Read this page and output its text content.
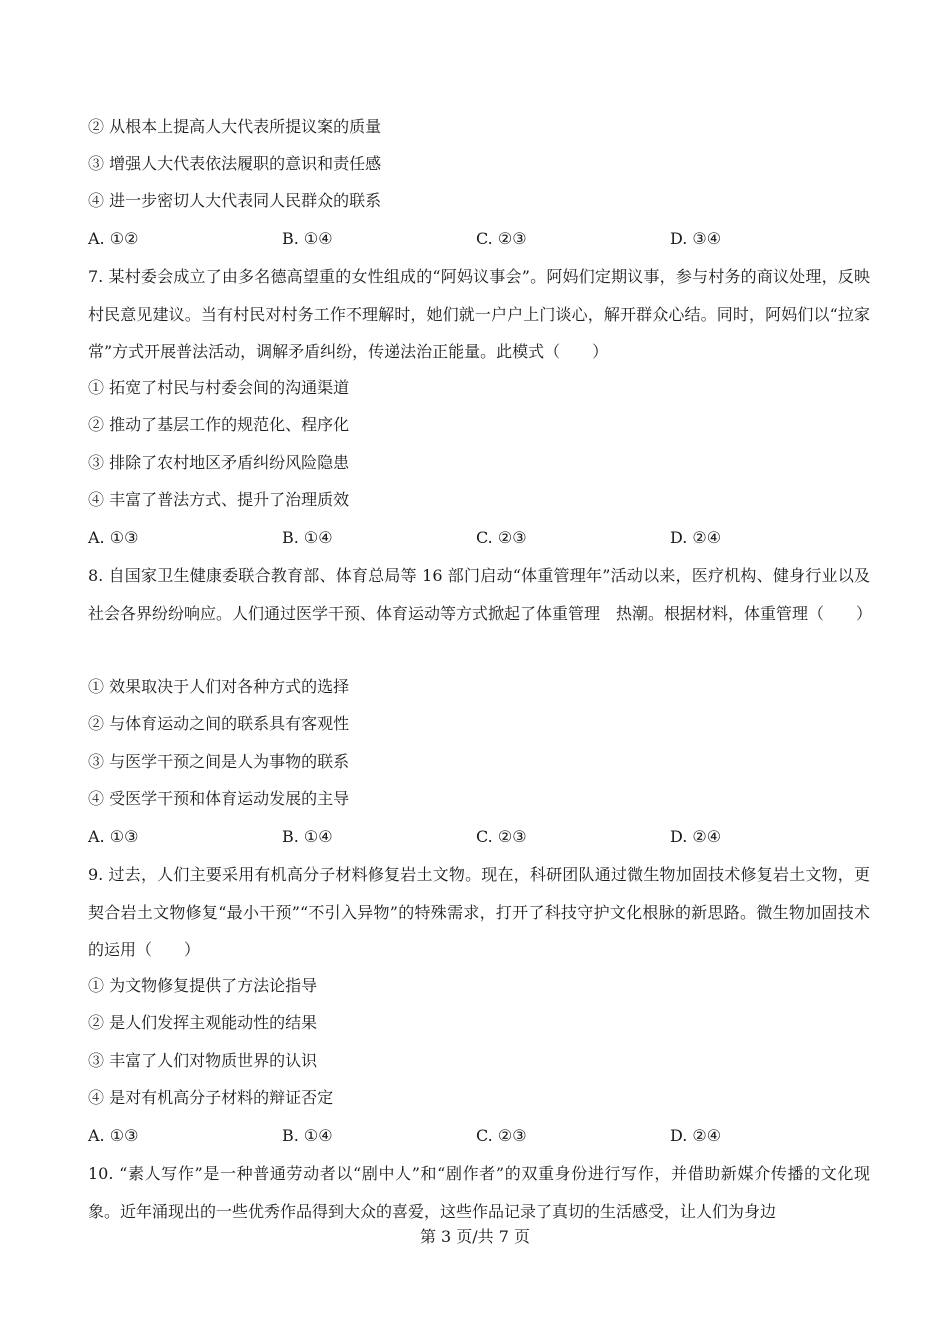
② 从根本上提高人大代表所提议案的质量
③ 增强人大代表依法履职的意识和责任感
④ 进一步密切人大代表同人民群众的联系
A. ①②	B. ①④	C. ②③	D. ③④
7. 某村委会成立了由多名德高望重的女性组成的“阿妈议事会”。阿妈们定期议事，参与村务的商议处理，反映村民意见建议。当有村民对村务工作不理解时，她们就一户户上门谈心，解开群众心结。同时，阿妈们以“拉家常”方式开展普法活动，调解矛盾纠纷，传递法治正能量。此模式（　　）
① 拓宽了村民与村委会间的沟通渠道
② 推动了基层工作的规范化、程序化
③ 排除了农村地区矛盾纠纷风险隐患
④ 丰富了普法方式、提升了治理质效
A. ①③	B. ①④	C. ②③	D. ②④
8. 自国家卫生健康委联合教育部、体育总局等 16 部门启动“体重管理年”活动以来，医疗机构、健身行业以及社会各界纷纷响应。人们通过医学干预、体育运动等方式掀起了体重管理　热潮。根据材料，体重管理（　　）
① 效果取决于人们对各种方式的选择
② 与体育运动之间的联系具有客观性
③ 与医学干预之间是人为事物的联系
④ 受医学干预和体育运动发展的主导
A. ①③	B. ①④	C. ②③	D. ②④
9. 过去，人们主要采用有机高分子材料修复岩土文物。现在，科研团队通过微生物加固技术修复岩土文物，更契合岩土文物修复“最小干预”“不引入异物”的特殊需求，打开了科技守护文化根脉的新思路。微生物加固技术的运用（　　）
① 为文物修复提供了方法论指导
② 是人们发挥主观能动性的结果
③ 丰富了人们对物质世界的认识
④ 是对有机高分子材料的辩证否定
A. ①③	B. ①④	C. ②③	D. ②④
10. “素人写作”是一种普通劳动者以“剧中人”和“剧作者”的双重身份进行写作，并借助新媒介传播的文化现象。近年涌现出的一些优秀作品得到大众的喜爱，这些作品记录了真切的生活感受，让人们为身边
第 3 页/共 7 页
